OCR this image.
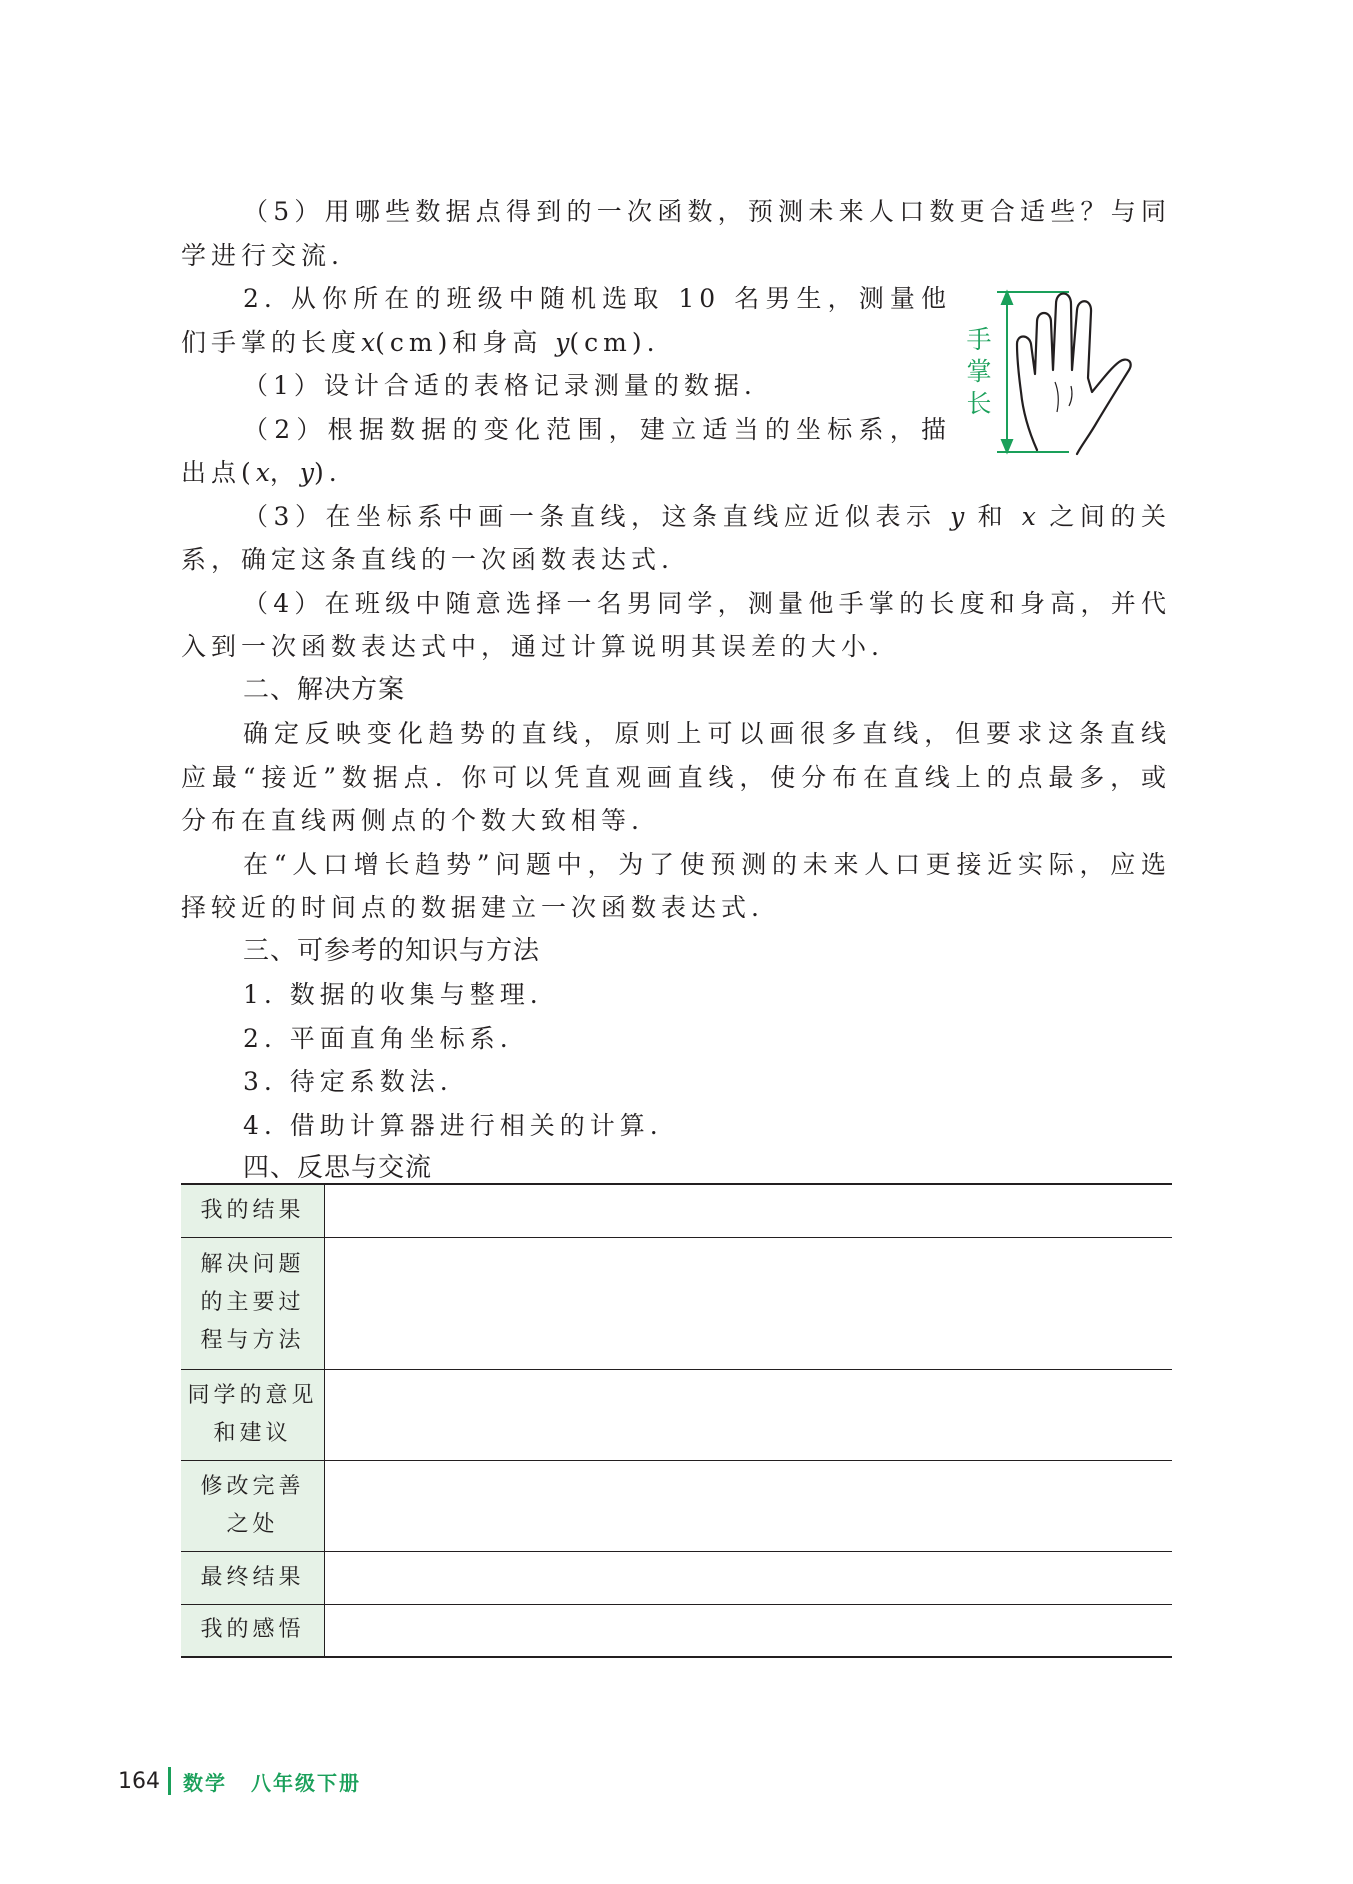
（5）用哪些数据点得到的一次函数，预测未来人口数更合适些？与同学进行交流.

2. 从你所在的班级中随机选取 10 名男生，测量他们手掌的长度x(cm)和身高 y(cm).

（1）设计合适的表格记录测量的数据.

（2）根据数据的变化范围，建立适当的坐标系，描出点(x，y).

（3）在坐标系中画一条直线，这条直线应近似表示 y 和 x 之间的关系，确定这条直线的一次函数表达式.

（4）在班级中随意选择一名男同学，测量他手掌的长度和身高，并代入到一次函数表达式中，通过计算说明其误差的大小.

二、解决方案

确定反映变化趋势的直线，原则上可以画很多直线，但要求这条直线应最“接近”数据点. 你可以凭直观画直线，使分布在直线上的点最多，或分布在直线两侧点的个数大致相等.

在“人口增长趋势”问题中，为了使预测的未来人口更接近实际，应选择较近的时间点的数据建立一次函数表达式.

三、可参考的知识与方法

1. 数据的收集与整理.

2. 平面直角坐标系.

3. 待定系数法.

4. 借助计算器进行相关的计算.

四、反思与交流

手
掌
长
我的结果	

解决问题
的主要过
程与方法	

同学的意见
和建议	

修改完善
之处	

最终结果	

我的感悟	

164 数学 八年级下册
